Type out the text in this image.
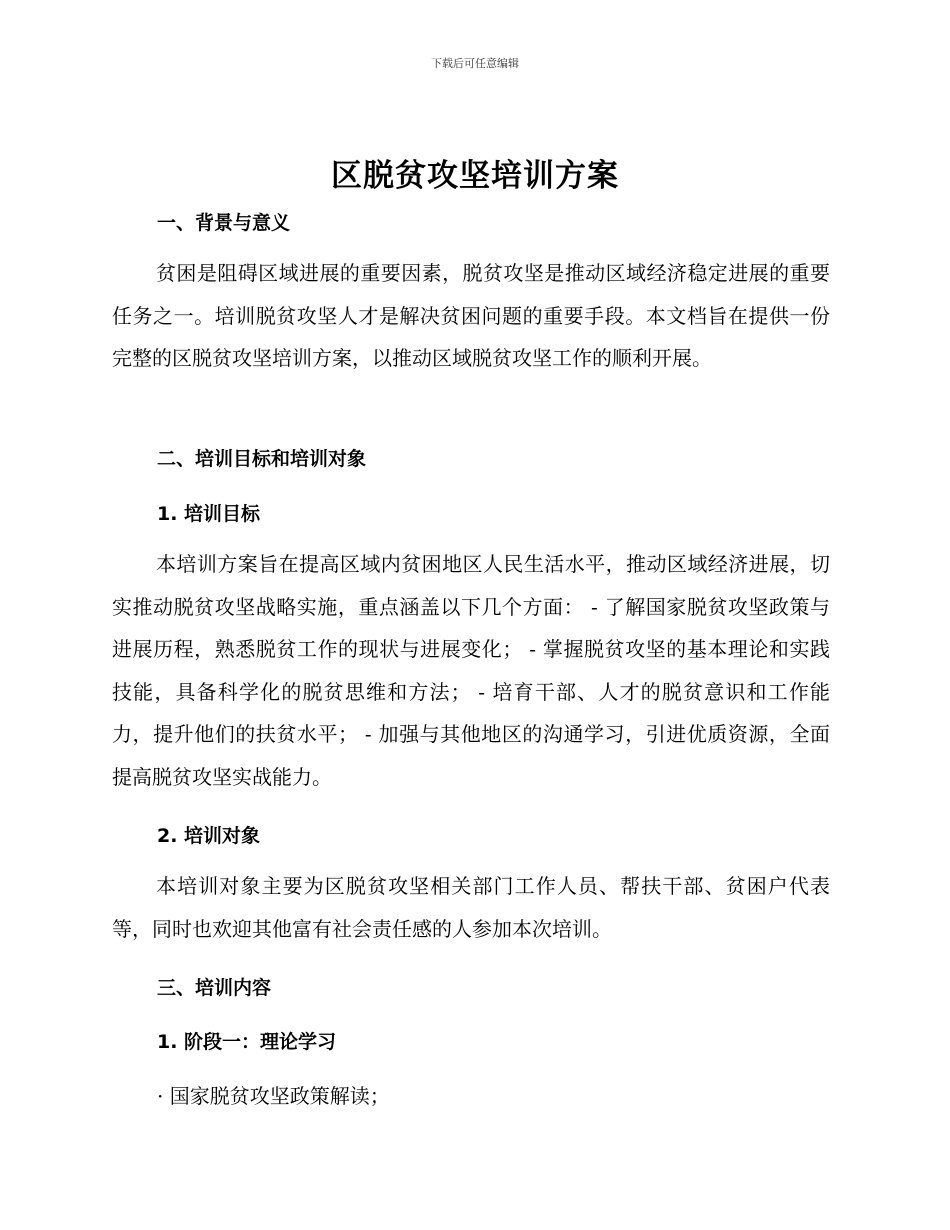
下载后可任意编辑
区脱贫攻坚培训方案
一、背景与意义
贫困是阻碍区域进展的重要因素，脱贫攻坚是推动区域经济稳定进展的重要任务之一。培训脱贫攻坚人才是解决贫困问题的重要手段。本文档旨在提供一份完整的区脱贫攻坚培训方案，以推动区域脱贫攻坚工作的顺利开展。
二、培训目标和培训对象
1. 培训目标
本培训方案旨在提高区域内贫困地区人民生活水平，推动区域经济进展，切实推动脱贫攻坚战略实施，重点涵盖以下几个方面： - 了解国家脱贫攻坚政策与进展历程，熟悉脱贫工作的现状与进展变化； - 掌握脱贫攻坚的基本理论和实践技能，具备科学化的脱贫思维和方法； - 培育干部、人才的脱贫意识和工作能力，提升他们的扶贫水平； - 加强与其他地区的沟通学习，引进优质资源，全面提高脱贫攻坚实战能力。
2. 培训对象
本培训对象主要为区脱贫攻坚相关部门工作人员、帮扶干部、贫困户代表等，同时也欢迎其他富有社会责任感的人参加本次培训。
三、培训内容
1. 阶段一：理论学习
· 国家脱贫攻坚政策解读；
